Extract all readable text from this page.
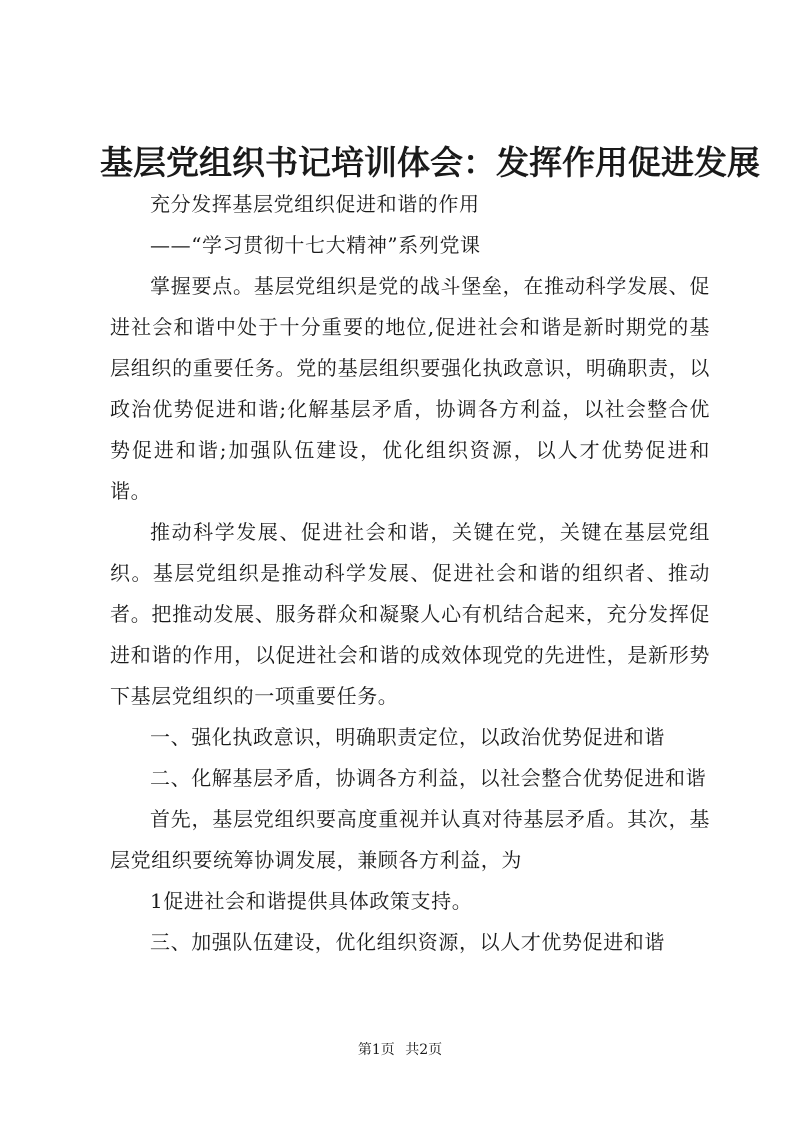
基层党组织书记培训体会：发挥作用促进发展

充分发挥基层党组织促进和谐的作用

——“学习贯彻十七大精神”系列党课

掌握要点。基层党组织是党的战斗堡垒，在推动科学发展、促进社会和谐中处于十分重要的地位,促进社会和谐是新时期党的基层组织的重要任务。党的基层组织要强化执政意识，明确职责，以政治优势促进和谐;化解基层矛盾，协调各方利益，以社会整合优势促进和谐;加强队伍建设，优化组织资源，以人才优势促进和谐。

推动科学发展、促进社会和谐，关键在党，关键在基层党组织。基层党组织是推动科学发展、促进社会和谐的组织者、推动者。把推动发展、服务群众和凝聚人心有机结合起来，充分发挥促进和谐的作用，以促进社会和谐的成效体现党的先进性，是新形势下基层党组织的一项重要任务。

一、强化执政意识，明确职责定位，以政治优势促进和谐

二、化解基层矛盾，协调各方利益，以社会整合优势促进和谐

首先，基层党组织要高度重视并认真对待基层矛盾。其次，基层党组织要统筹协调发展，兼顾各方利益，为

1促进社会和谐提供具体政策支持。

三、加强队伍建设，优化组织资源，以人才优势促进和谐

第1页 共2页
